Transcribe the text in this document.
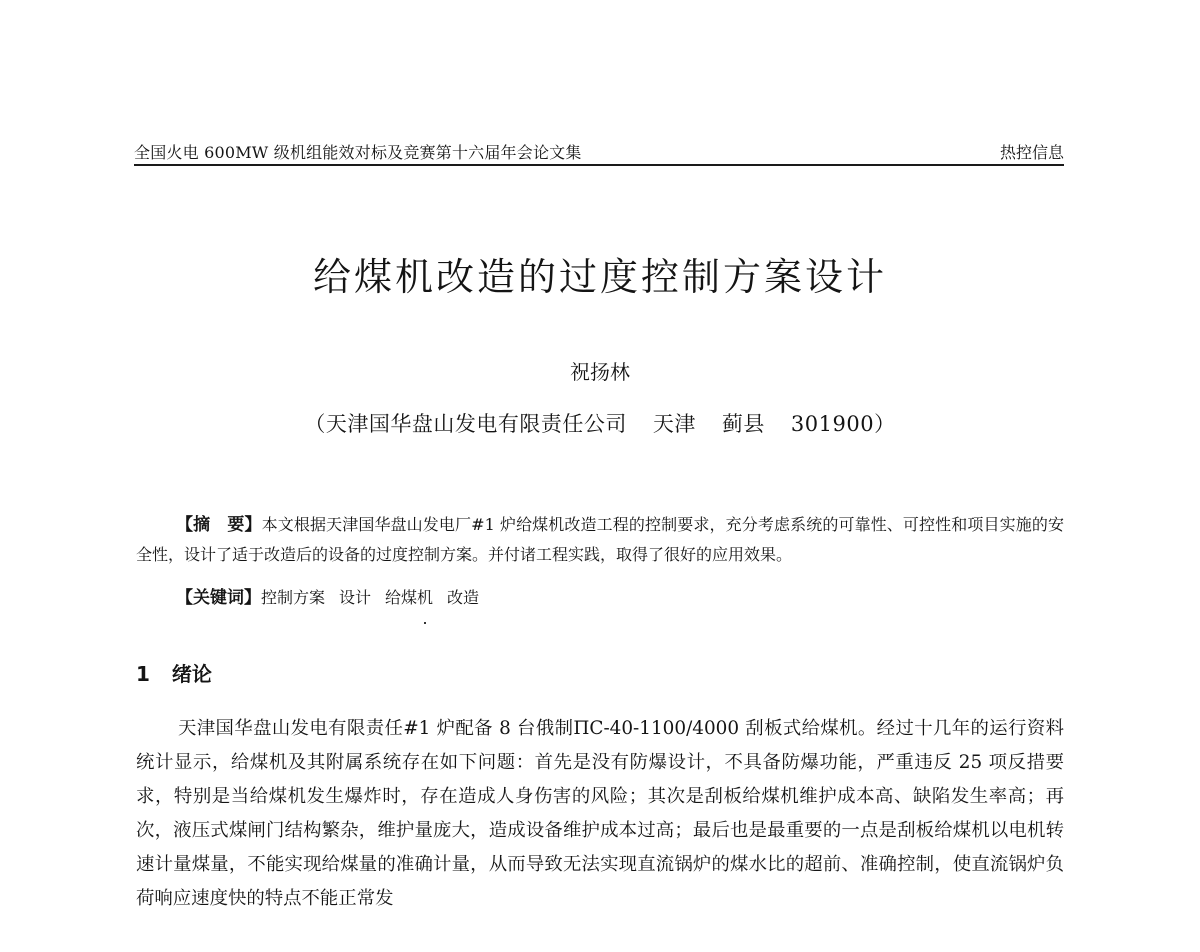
全国火电 600MW 级机组能效对标及竞赛第十六届年会论文集	热控信息
给煤机改造的过度控制方案设计
祝扬林
（天津国华盘山发电有限责任公司 天津 蓟县 301900）
【摘　要】本文根据天津国华盘山发电厂#1 炉给煤机改造工程的控制要求，充分考虑系统的可靠性、可控性和项目实施的安全性，设计了适于改造后的设备的过度控制方案。并付诸工程实践，取得了很好的应用效果。
【关键词】控制方案 设计 给煤机 改造
1 绪论
天津国华盘山发电有限责任#1 炉配备 8 台俄制ПС-40-1100/4000 刮板式给煤机。经过十几年的运行资料统计显示，给煤机及其附属系统存在如下问题：首先是没有防爆设计，不具备防爆功能，严重违反 25 项反措要求，特别是当给煤机发生爆炸时，存在造成人身伤害的风险；其次是刮板给煤机维护成本高、缺陷发生率高；再次，液压式煤闸门结构繁杂，维护量庞大，造成设备维护成本过高；最后也是最重要的一点是刮板给煤机以电机转速计量煤量，不能实现给煤量的准确计量，从而导致无法实现直流锅炉的煤水比的超前、准确控制，使直流锅炉负荷响应速度快的特点不能正常发
